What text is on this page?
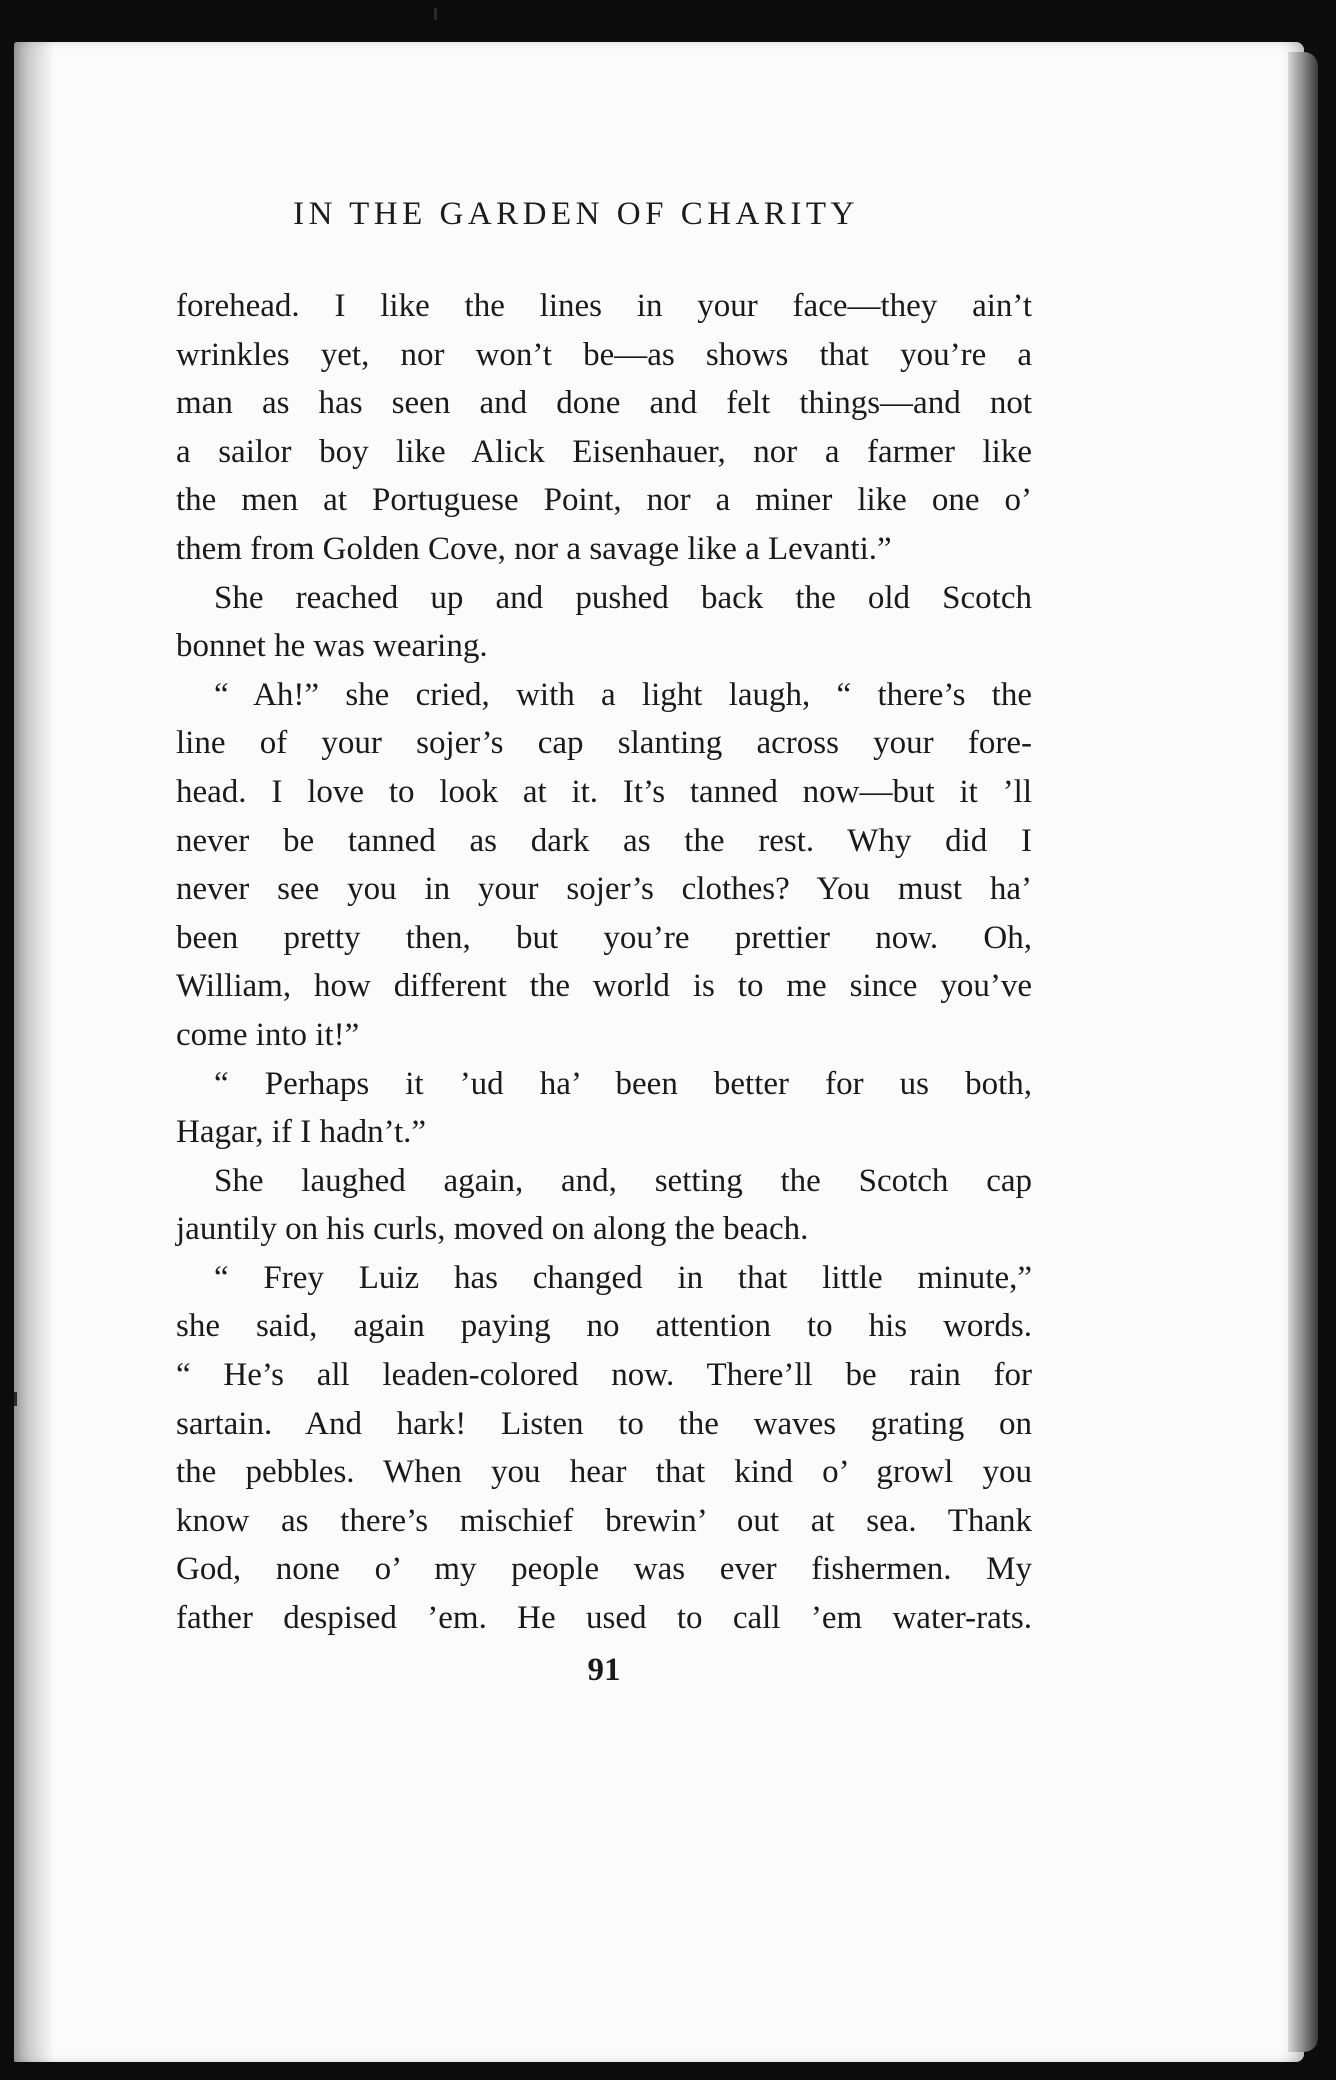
IN THE GARDEN OF CHARITY
forehead. I like the lines in your face—they ain’t
wrinkles yet, nor won’t be—as shows that you’re a
man as has seen and done and felt things—and not
a sailor boy like Alick Eisenhauer, nor a farmer like
the men at Portuguese Point, nor a miner like one o’
them from Golden Cove, nor a savage like a Levanti.”
She reached up and pushed back the old Scotch
bonnet he was wearing.
“ Ah!” she cried, with a light laugh, “ there’s the
line of your sojer’s cap slanting across your fore-
head. I love to look at it. It’s tanned now—but it ’ll
never be tanned as dark as the rest. Why did I
never see you in your sojer’s clothes? You must ha’
been pretty then, but you’re prettier now. Oh,
William, how different the world is to me since you’ve
come into it!”
“ Perhaps it ’ud ha’ been better for us both,
Hagar, if I hadn’t.”
She laughed again, and, setting the Scotch cap
jauntily on his curls, moved on along the beach.
“ Frey Luiz has changed in that little minute,”
she said, again paying no attention to his words.
“ He’s all leaden-colored now. There’ll be rain for
sartain. And hark! Listen to the waves grating on
the pebbles. When you hear that kind o’ growl you
know as there’s mischief brewin’ out at sea. Thank
God, none o’ my people was ever fishermen. My
father despised ’em. He used to call ’em water-rats.
91
